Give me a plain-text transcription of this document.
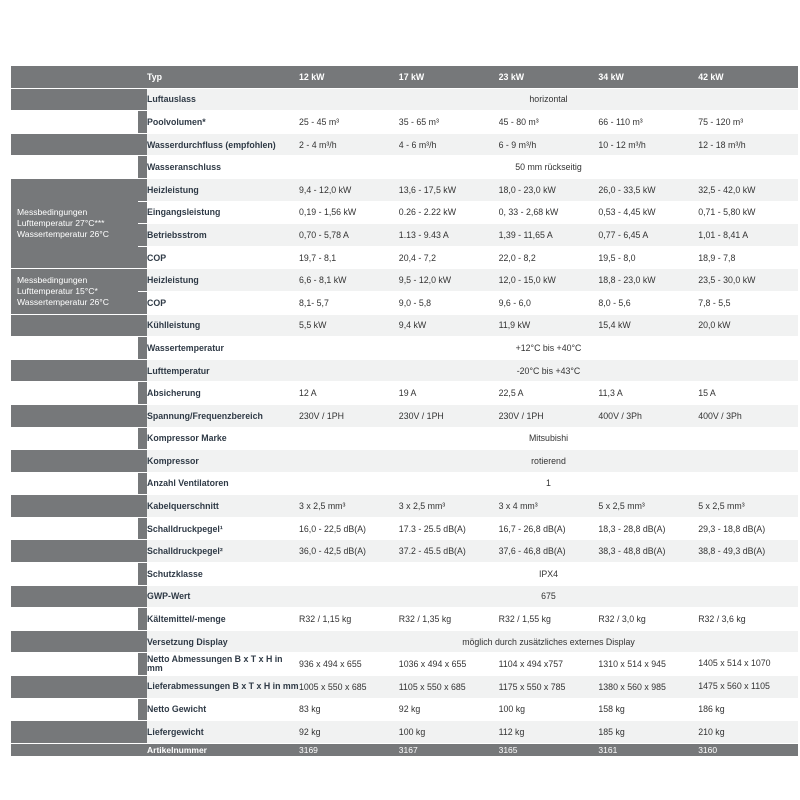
		Typ	12 kW	17 kW	23 kW	34 kW	42 kW
		Luftauslass	horizontal				
		Poolvolumen*	25 - 45 m³	35 - 65 m³	45 - 80 m³	66 - 110 m³	75 - 120 m³
		Wasserdurchfluss (empfohlen)	2 - 4 m³/h	4 - 6 m³/h	6 - 9 m³/h	10 - 12 m³/h	12 - 18 m³/h
		Wasseranschluss	50 mm rückseitig				

Messbedingungen
Lufttemperatur 27°C***
Wassertemperatur 26°C		Heizleistung	9,4 - 12,0 kW	13,6 - 17,5 kW	18,0 - 23,0 kW	26,0 - 33,5 kW	32,5 - 42,0 kW
		Eingangsleistung	0,19 - 1,56 kW	0.26 - 2.22 kW	0, 33 - 2,68 kW	0,53 - 4,45 kW	0,71 - 5,80 kW
		Betriebsstrom	0,70 - 5,78 A	1.13 - 9.43 A	1,39 - 11,65 A	0,77 - 6,45 A	1,01 - 8,41 A
		COP	19,7 - 8,1	20,4 - 7,2	22,0 - 8,2	19,5 - 8,0	18,9 - 7,8

Messbedingungen
Lufttemperatur 15°C*
Wassertemperatur 26°C		Heizleistung	6,6 - 8,1 kW	9,5 - 12,0 kW	12,0 - 15,0 kW	18,8 - 23,0 kW	23,5 - 30,0 kW
		COP	8,1- 5,7	9,0 - 5,8	9,6 - 6,0	8,0 - 5,6	7,8 - 5,5
		Kühlleistung	5,5 kW	9,4 kW	11,9 kW	15,4 kW	20,0 kW
		Wassertemperatur	+12°C bis +40°C				
		Lufttemperatur	-20°C bis +43°C				
		Absicherung	12 A	19 A	22,5 A	11,3 A	15 A
		Spannung/Frequenzbereich	230V / 1PH	230V / 1PH	230V / 1PH	400V / 3Ph	400V / 3Ph
		Kompressor Marke	Mitsubishi				
		Kompressor	rotierend				
		Anzahl Ventilatoren	1				
		Kabelquerschnitt	3 x 2,5 mm³	3 x 2,5 mm³	3 x 4 mm³	5 x 2,5 mm³	5 x 2,5 mm³
		Schalldruckpegel¹	16,0 - 22,5 dB(A)	17.3 - 25.5 dB(A)	16,7 - 26,8 dB(A)	18,3 - 28,8 dB(A)	29,3 - 18,8 dB(A)
		Schalldruckpegel²	36,0 - 42,5 dB(A)	37.2 - 45.5 dB(A)	37,6 - 46,8 dB(A)	38,3 - 48,8 dB(A)	38,8 - 49,3 dB(A)
		Schutzklasse	IPX4				
		GWP-Wert	675				
		Kältemittel/-menge	R32 / 1,15 kg	R32 / 1,35 kg	R32 / 1,55 kg	R32 / 3,0 kg	R32 / 3,6 kg
		Versetzung Display	möglich durch zusätzliches externes Display				
		Netto Abmessungen B x T x H in mm	936 x 494 x 655	1036 x 494 x 655	1104 x 494 x757	1310 x 514 x 945	1405 x 514 x 1070
		Lieferabmessungen B x T x H in mm	1005 x 550 x 685	1105 x 550 x 685	1175 x 550 x 785	1380 x 560 x 985	1475 x 560 x 1105
		Netto Gewicht	83 kg	92 kg	100 kg	158 kg	186 kg
		Liefergewicht	92 kg	100 kg	112 kg	185 kg	210 kg
		Artikelnummer	3169	3167	3165	3161	3160
